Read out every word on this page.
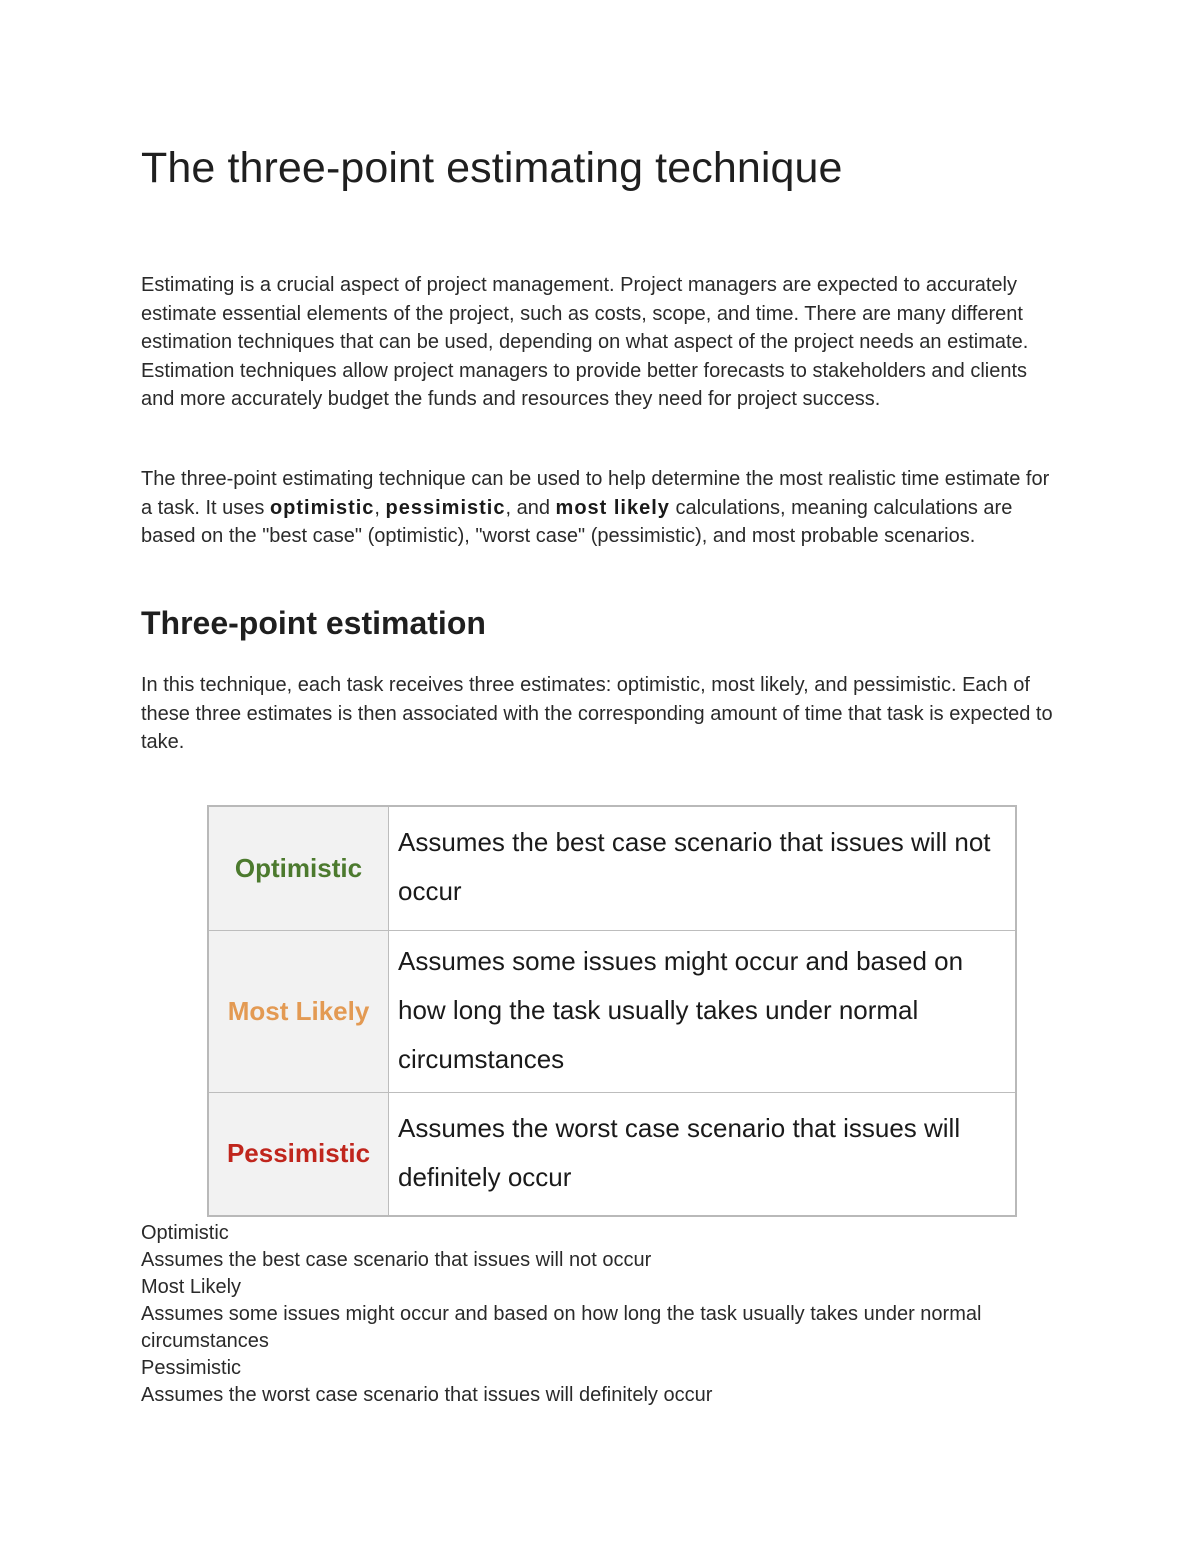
The three-point estimating technique

Estimating is a crucial aspect of project management. Project managers are expected to accurately estimate essential elements of the project, such as costs, scope, and time. There are many different estimation techniques that can be used, depending on what aspect of the project needs an estimate. Estimation techniques allow project managers to provide better forecasts to stakeholders and clients and more accurately budget the funds and resources they need for project success.

The three-point estimating technique can be used to help determine the most realistic time estimate for a task. It uses optimistic, pessimistic, and most likely calculations, meaning calculations are based on the "best case" (optimistic), "worst case" (pessimistic), and most probable scenarios.

Three-point estimation

In this technique, each task receives three estimates: optimistic, most likely, and pessimistic. Each of these three estimates is then associated with the corresponding amount of time that task is expected to take.

Optimistic	Assumes the best case scenario that issues will not occur
Most Likely	Assumes some issues might occur and based on how long the task usually takes under normal circumstances
Pessimistic	Assumes the worst case scenario that issues will definitely occur
Optimistic
Assumes the best case scenario that issues will not occur
Most Likely
Assumes some issues might occur and based on how long the task usually takes under normal circumstances
Pessimistic
Assumes the worst case scenario that issues will definitely occur
